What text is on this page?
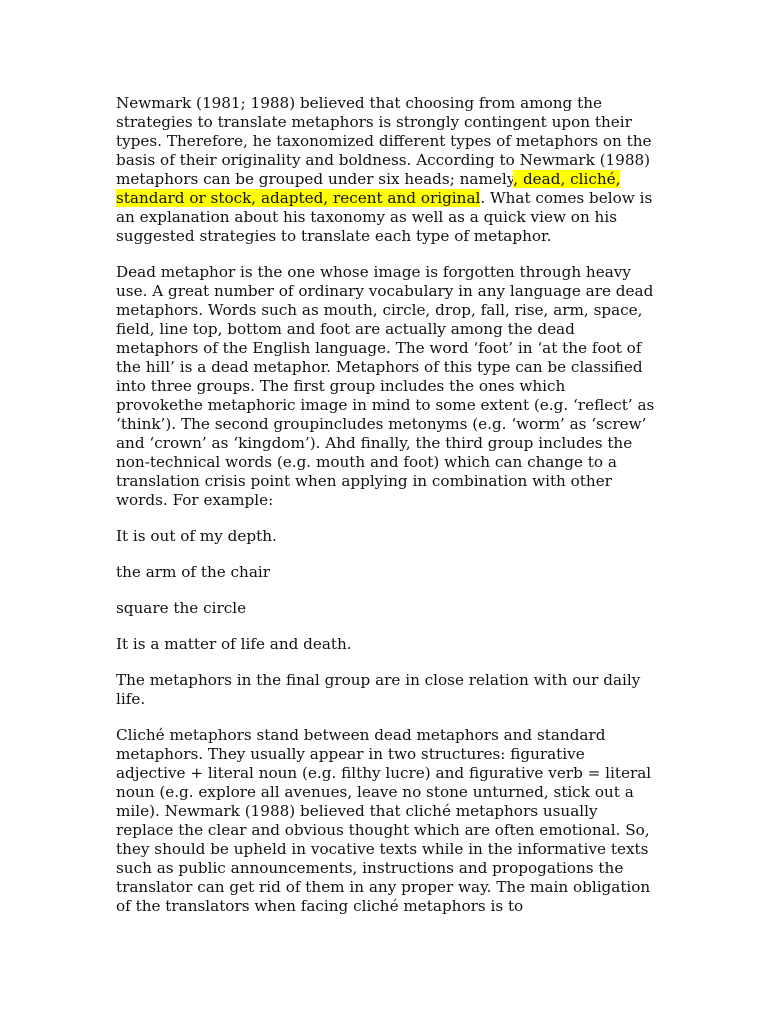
Newmark (1981; 1988) believed that choosing from among the strategies to translate metaphors is strongly contingent upon their types. Therefore, he taxonomized different types of metaphors on the basis of their originality and boldness. According to Newmark (1988) metaphors can be grouped under six heads; namely, dead, cliché, standard or stock, adapted, recent and original. What comes below is an explanation about his taxonomy as well as a quick view on his suggested strategies to translate each type of metaphor.

Dead metaphor is the one whose image is forgotten through heavy use. A great number of ordinary vocabulary in any language are dead metaphors. Words such as mouth, circle, drop, fall, rise, arm, space, field, line top, bottom and foot are actually among the dead metaphors of the English language. The word ‘foot’ in ‘at the foot of the hill’ is a dead metaphor. Metaphors of this type can be classified into three groups. The first group includes the ones which provokethe metaphoric image in mind to some extent (e.g. ‘reflect’ as ‘think’). The second groupincludes metonyms (e.g. ‘worm’ as ‘screw’ and ‘crown’ as ‘kingdom’). Ahd finally, the third group includes the non-technical words (e.g. mouth and foot) which can change to a translation crisis point when applying in combination with other words. For example:

It is out of my depth.

the arm of the chair

square the circle

It is a matter of life and death.

The metaphors in the final group are in close relation with our daily life.

Cliché metaphors stand between dead metaphors and standard metaphors. They usually appear in two structures: figurative adjective + literal noun (e.g. filthy lucre) and figurative verb = literal noun (e.g. explore all avenues, leave no stone unturned, stick out a mile). Newmark (1988) believed that cliché metaphors usually replace the clear and obvious thought which are often emotional. So, they should be upheld in vocative texts while in the informative texts such as public announcements, instructions and propogations the translator can get rid of them in any proper way. The main obligation of the translators when facing cliché metaphors is to
